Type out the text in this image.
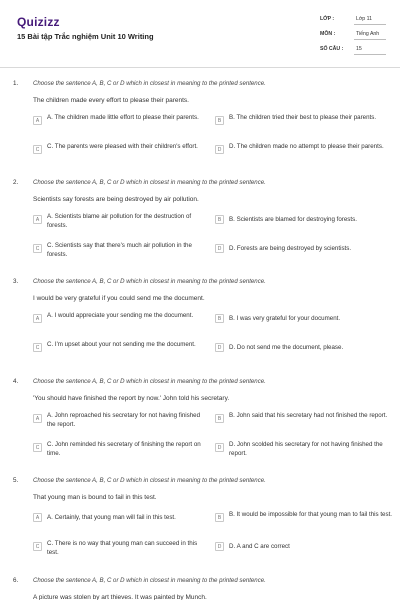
Quizizz
15 Bài tập Trắc nghiệm Unit 10 Writing
LỚP :	Lớp 11
MÔN :	Tiếng Anh
SỐ CÂU : 15
1. Choose the sentence A, B, C or D which in closest in meaning to the printed sentence.
The children made every effort to please their parents.
A	A. The children made little effort to please their parents.	B	B. The children tried their best to please their parents.
C	C. The parents were pleased with their children's effort.	D	D. The children made no attempt to please their parents.
2. Choose the sentence A, B, C or D which in closest in meaning to the printed sentence.
Scientists say forests are being destroyed by air pollution.
A	A. Scientists blame air pollution for the destruction of forests.
B	B. Scientists are blamed for destroying forests.
C	C. Scientists say that there's much air pollution in the forests.
D	D. Forests are being destroyed by scientists.
3. Choose the sentence A, B, C or D which in closest in meaning to the printed sentence.
I would be very grateful if you could send me the document.
A	A. I would appreciate your sending me the document.	B	B. I was very grateful for your document.
C	C. I'm upset about your not sending me the document.	D	D. Do not send me the document, please.
4. Choose the sentence A, B, C or D which in closest in meaning to the printed sentence.
'You should have finished the report by now.' John told his secretary.
A	A. John reproached his secretary for not having finished the report.
B	B. John said that his secretary had not finished the report.
C	C. John reminded his secretary of finishing the report on time.
D	D. John scolded his secretary for not having finished the report.
5. Choose the sentence A, B, C or D which in closest in meaning to the printed sentence.
That young man is bound to fail in this test.
A	A. Certainly, that young man will fail in this test.	B	B. It would be impossible for that young man to fail this test.
C	C. There is no way that young man can succeed in this test.
D	D. A and C are correct
6. Choose the sentence A, B, C or D which in closest in meaning to the printed sentence.
A picture was stolen by art thieves. It was painted by Munch.
